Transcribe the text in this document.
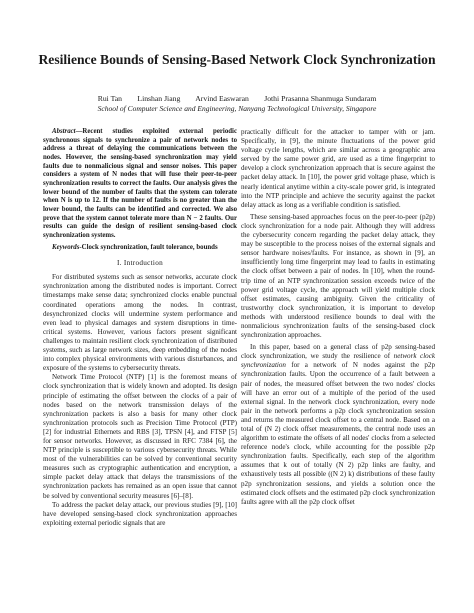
Resilience Bounds of Sensing-Based Network Clock Synchronization
Rui Tan        Linshan Jiang        Arvind Easwaran        Jothi Prasanna Shanmuga Sundaram
School of Computer Science and Engineering, Nanyang Technological University, Singapore

Abstract—Recent studies exploited external periodic synchronous signals to synchronize a pair of network nodes to address a threat of delaying the communications between the nodes. However, the sensing-based synchronization may yield faults due to nonmalicious signal and sensor noises. This paper considers a system of N nodes that will fuse their peer-to-peer synchronization results to correct the faults. Our analysis gives the lower bound of the number of faults that the system can tolerate when N is up to 12. If the number of faults is no greater than the lower bound, the faults can be identified and corrected. We also prove that the system cannot tolerate more than N − 2 faults. Our results can guide the design of resilient sensing-based clock synchronization systems.

Keywords-Clock synchronization, fault tolerance, bounds

I. Introduction

For distributed systems such as sensor networks, accurate clock synchronization among the distributed nodes is important. Correct timestamps make sense data; synchronized clocks enable punctual coordinated operations among the nodes. In contrast, desynchronized clocks will undermine system performance and even lead to physical damages and system disruptions in time-critical systems. However, various factors present significant challenges to maintain resilient clock synchronization of distributed systems, such as large network sizes, deep embedding of the nodes into complex physical environments with various disturbances, and exposure of the systems to cybersecurity threats.

Network Time Protocol (NTP) [1] is the foremost means of clock synchronization that is widely known and adopted. Its design principle of estimating the offset between the clocks of a pair of nodes based on the network transmission delays of the synchronization packets is also a basis for many other clock synchronization protocols such as Precision Time Protocol (PTP) [2] for industrial Ethernets and RBS [3], TPSN [4], and FTSP [5] for sensor networks. However, as discussed in RFC 7384 [6], the NTP principle is susceptible to various cybersecurity threats. While most of the vulnerabilities can be solved by conventional security measures such as cryptographic authentication and encryption, a simple packet delay attack that delays the transmissions of the synchronization packets has remained as an open issue that cannot be solved by conventional security measures [6]–[8].

To address the packet delay attack, our previous studies [9], [10] have developed sensing-based clock synchronization approaches exploiting external periodic signals that are

practically difficult for the attacker to tamper with or jam. Specifically, in [9], the minute fluctuations of the power grid voltage cycle lengths, which are similar across a geographic area served by the same power grid, are used as a time fingerprint to develop a clock synchronization approach that is secure against the packet delay attack. In [10], the power grid voltage phase, which is nearly identical anytime within a city-scale power grid, is integrated into the NTP principle and achieve the security against the packet delay attack as long as a verifiable condition is satisfied.

These sensing-based approaches focus on the peer-to-peer (p2p) clock synchronization for a node pair. Although they will address the cybersecurity concern regarding the packet delay attack, they may be susceptible to the process noises of the external signals and sensor hardware noises/faults. For instance, as shown in [9], an insufficiently long time fingerprint may lead to faults in estimating the clock offset between a pair of nodes. In [10], when the round-trip time of an NTP synchronization session exceeds twice of the power grid voltage cycle, the approach will yield multiple clock offset estimates, causing ambiguity. Given the criticality of trustworthy clock synchronization, it is important to develop methods with understood resilience bounds to deal with the nonmalicious synchronization faults of the sensing-based clock synchronization approaches.

In this paper, based on a general class of p2p sensing-based clock synchronization, we study the resilience of network clock synchronization for a network of N nodes against the p2p synchronization faults. Upon the occurrence of a fault between a pair of nodes, the measured offset between the two nodes' clocks will have an error out of a multiple of the period of the used external signal. In the network clock synchronization, every node pair in the network performs a p2p clock synchronization session and returns the measured clock offset to a central node. Based on a total of (N 2) clock offset measurements, the central node uses an algorithm to estimate the offsets of all nodes' clocks from a selected reference node's clock, while accounting for the possible p2p synchronization faults. Specifically, each step of the algorithm assumes that k out of totally (N 2) p2p links are faulty, and exhaustively tests all possible ((N 2) k) distributions of these faulty p2p synchronization sessions, and yields a solution once the estimated clock offsets and the estimated p2p clock synchronization faults agree with all the p2p clock offset
